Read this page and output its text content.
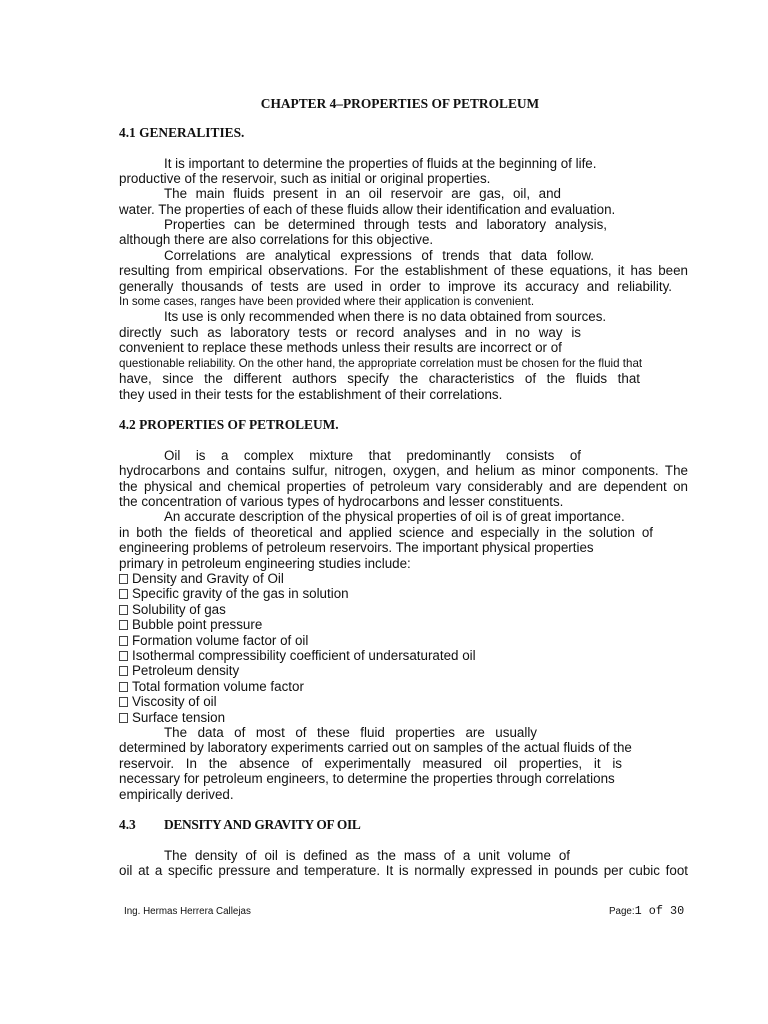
CHAPTER 4–PROPERTIES OF PETROLEUM
4.1 GENERALITIES.
It is important to determine the properties of fluids at the beginning of life.
productive of the reservoir, such as initial or original properties.
The main fluids present in an oil reservoir are gas, oil, and
water. The properties of each of these fluids allow their identification and evaluation.
Properties can be determined through tests and laboratory analysis,
although there are also correlations for this objective.
Correlations are analytical expressions of trends that data follow.
resulting from empirical observations. For the establishment of these equations, it has been
generally thousands of tests are used in order to improve its accuracy and reliability.
In some cases, ranges have been provided where their application is convenient.
Its use is only recommended when there is no data obtained from sources.
directly such as laboratory tests or record analyses and in no way is
convenient to replace these methods unless their results are incorrect or of
questionable reliability. On the other hand, the appropriate correlation must be chosen for the fluid that
have, since the different authors specify the characteristics of the fluids that
they used in their tests for the establishment of their correlations.
4.2 PROPERTIES OF PETROLEUM.
Oil is a complex mixture that predominantly consists of
hydrocarbons and contains sulfur, nitrogen, oxygen, and helium as minor components. The
the physical and chemical properties of petroleum vary considerably and are dependent on
the concentration of various types of hydrocarbons and lesser constituents.
An accurate description of the physical properties of oil is of great importance.
in both the fields of theoretical and applied science and especially in the solution of
engineering problems of petroleum reservoirs. The important physical properties
primary in petroleum engineering studies include:
Density and Gravity of Oil
Specific gravity of the gas in solution
Solubility of gas
Bubble point pressure
Formation volume factor of oil
Isothermal compressibility coefficient of undersaturated oil
Petroleum density
Total formation volume factor
Viscosity of oil
Surface tension
The data of most of these fluid properties are usually
determined by laboratory experiments carried out on samples of the actual fluids of the
reservoir. In the absence of experimentally measured oil properties, it is
necessary for petroleum engineers, to determine the properties through correlations
empirically derived.
4.3 DENSITY AND GRAVITY OF OIL
The density of oil is defined as the mass of a unit volume of
oil at a specific pressure and temperature. It is normally expressed in pounds per cubic foot
Ing. Hermas Herrera Callejas	Page:1 of 30
